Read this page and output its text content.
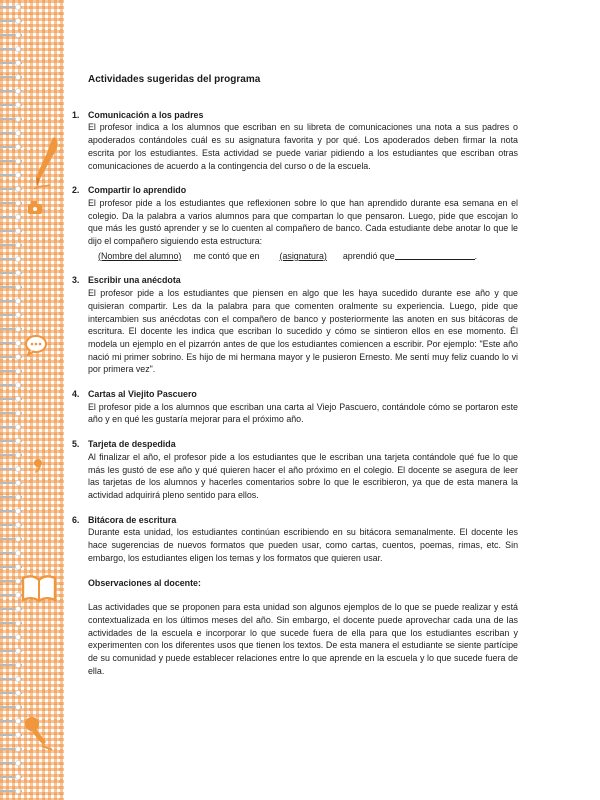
Actividades sugeridas del programa
1. Comunicación a los padres
El profesor indica a los alumnos que escriban en su libreta de comunicaciones una nota a sus padres o apoderados contándoles cuál es su asignatura favorita y por qué. Los apoderados deben firmar la nota escrita por los estudiantes. Esta actividad se puede variar pidiendo a los estudiantes que escriban otras comunicaciones de acuerdo a la contingencia del curso o de la escuela.
2. Compartir lo aprendido
El profesor pide a los estudiantes que reflexionen sobre lo que han aprendido durante esa semana en el colegio. Da la palabra a varios alumnos para que compartan lo que pensaron. Luego, pide que escojan lo que más les gustó aprender y se lo cuenten al compañero de banco. Cada estudiante debe anotar lo que le dijo el compañero siguiendo esta estructura:
(Nombre del alumno) me contó que en (asignatura) aprendió que	.
3. Escribir una anécdota
El profesor pide a los estudiantes que piensen en algo que les haya sucedido durante ese año y que quisieran compartir. Les da la palabra para que comenten oralmente su experiencia. Luego, pide que intercambien sus anécdotas con el compañero de banco y posteriormente las anoten en sus bitácoras de escritura. El docente les indica que escriban lo sucedido y cómo se sintieron ellos en ese momento. Él modela un ejemplo en el pizarrón antes de que los estudiantes comiencen a escribir. Por ejemplo: "Este año nació mi primer sobrino. Es hijo de mi hermana mayor y le pusieron Ernesto. Me sentí muy feliz cuando lo vi por primera vez".
4. Cartas al Viejito Pascuero
El profesor pide a los alumnos que escriban una carta al Viejo Pascuero, contándole cómo se portaron este año y en qué les gustaría mejorar para el próximo año.
5. Tarjeta de despedida
Al finalizar el año, el profesor pide a los estudiantes que le escriban una tarjeta contándole qué fue lo que más les gustó de ese año y qué quieren hacer el año próximo en el colegio. El docente se asegura de leer las tarjetas de los alumnos y hacerles comentarios sobre lo que le escribieron, ya que de esta manera la actividad adquirirá pleno sentido para ellos.
6. Bitácora de escritura
Durante esta unidad, los estudiantes continúan escribiendo en su bitácora semanalmente. El docente les hace sugerencias de nuevos formatos que pueden usar, como cartas, cuentos, poemas, rimas, etc. Sin embargo, los estudiantes eligen los temas y los formatos que quieren usar.
Observaciones al docente:
Las actividades que se proponen para esta unidad son algunos ejemplos de lo que se puede realizar y está contextualizada en los últimos meses del año. Sin embargo, el docente puede aprovechar cada una de las actividades de la escuela e incorporar lo que sucede fuera de ella para que los estudiantes escriban y experimenten con los diferentes usos que tienen los textos. De esta manera el estudiante se siente partícipe de su comunidad y puede establecer relaciones entre lo que aprende en la escuela y lo que sucede fuera de ella.
